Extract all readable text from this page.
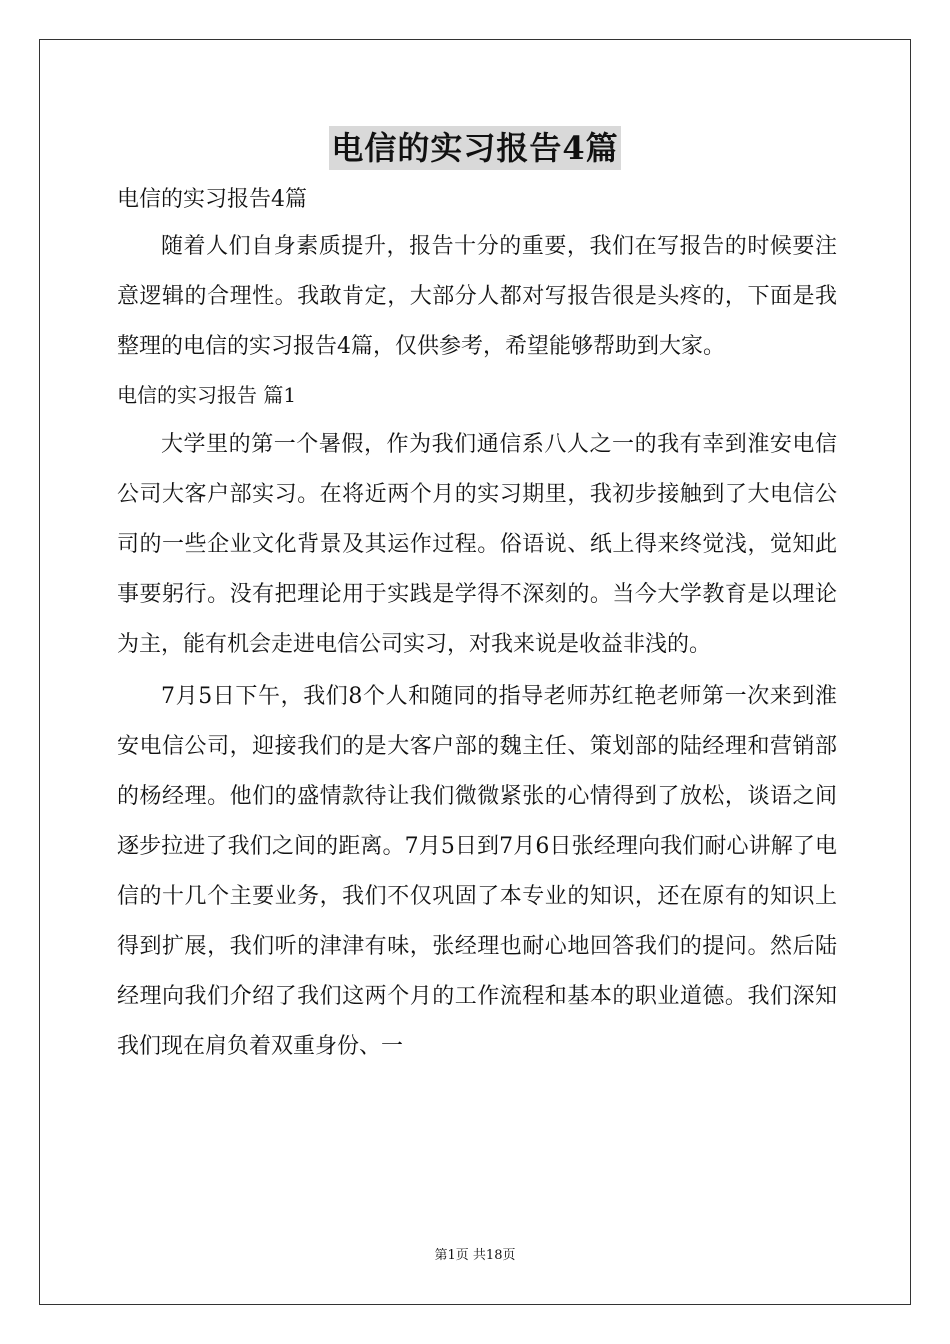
电信的实习报告4篇
电信的实习报告4篇
随着人们自身素质提升，报告十分的重要，我们在写报告的时候要注意逻辑的合理性。我敢肯定，大部分人都对写报告很是头疼的，下面是我整理的电信的实习报告4篇，仅供参考，希望能够帮助到大家。
电信的实习报告 篇1
大学里的第一个暑假，作为我们通信系八人之一的我有幸到淮安电信公司大客户部实习。在将近两个月的实习期里，我初步接触到了大电信公司的一些企业文化背景及其运作过程。俗语说、纸上得来终觉浅，觉知此事要躬行。没有把理论用于实践是学得不深刻的。当今大学教育是以理论为主，能有机会走进电信公司实习，对我来说是收益非浅的。
7月5日下午，我们8个人和随同的指导老师苏红艳老师第一次来到淮安电信公司，迎接我们的是大客户部的魏主任、策划部的陆经理和营销部的杨经理。他们的盛情款待让我们微微紧张的心情得到了放松，谈语之间逐步拉进了我们之间的距离。7月5日到7月6日张经理向我们耐心讲解了电信的十几个主要业务，我们不仅巩固了本专业的知识，还在原有的知识上得到扩展，我们听的津津有味，张经理也耐心地回答我们的提问。然后陆经理向我们介绍了我们这两个月的工作流程和基本的职业道德。我们深知我们现在肩负着双重身份、一
第1页 共18页
